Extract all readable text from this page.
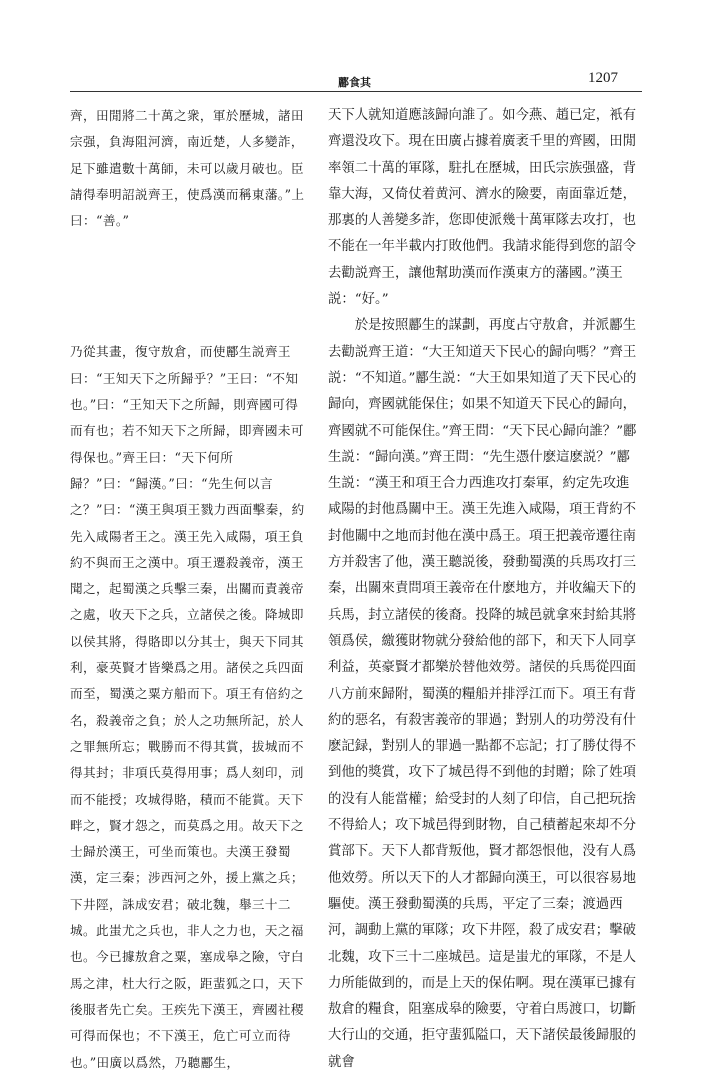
酈食其	1207

齊，田閒將二十萬之衆，軍於歷城，諸田宗强，負海阻河濟，南近楚，人多變詐，足下雖遣數十萬師，未可以歲月破也。臣請得奉明詔説齊王，使爲漢而稱東藩。”上曰：“善。”

乃從其畫，復守敖倉，而使酈生説齊王曰：“王知天下之所歸乎？”王曰：“不知也。”曰：“王知天下之所歸，則齊國可得而有也；若不知天下之所歸，即齊國未可得保也。”齊王曰：“天下何所歸？”曰：“歸漢。”曰：“先生何以言之？”曰：“漢王與項王戮力西面擊秦，約先入咸陽者王之。漢王先入咸陽，項王負約不與而王之漢中。項王遷殺義帝，漢王聞之，起蜀漢之兵擊三秦，出關而責義帝之處，收天下之兵，立諸侯之後。降城即以侯其將，得賂即以分其士，與天下同其利，豪英賢才皆樂爲之用。諸侯之兵四面而至，蜀漢之粟方船而下。項王有倍約之名，殺義帝之負；於人之功無所記，於人之罪無所忘；戰勝而不得其賞，拔城而不得其封；非項氏莫得用事；爲人刻印，刓而不能授；攻城得賂，積而不能賞。天下畔之，賢才怨之，而莫爲之用。故天下之士歸於漢王，可坐而策也。夫漢王發蜀漢，定三秦；涉西河之外，援上黨之兵；下井陘，誅成安君；破北魏，舉三十二城。此蚩尤之兵也，非人之力也，天之福也。今已據敖倉之粟，塞成皋之險，守白馬之津，杜大行之阪，距蜚狐之口，天下後服者先亡矣。王疾先下漢王，齊國社稷可得而保也；不下漢王，危亡可立而待也。”田廣以爲然，乃聽酈生，

天下人就知道應該歸向誰了。如今燕、趙已定，衹有齊還没攻下。現在田廣占據着廣袤千里的齊國，田閒率領二十萬的軍隊，駐扎在歷城，田氏宗族强盛，背靠大海，又倚仗着黄河、濟水的險要，南面靠近楚，那裏的人善變多詐，您即使派幾十萬軍隊去攻打，也不能在一年半載内打敗他們。我請求能得到您的詔令去勸説齊王，讓他幫助漢而作漢東方的藩國。”漢王説：“好。”

　　於是按照酈生的謀劃，再度占守敖倉，并派酈生去勸説齊王道：“大王知道天下民心的歸向嗎？”齊王説：“不知道。”酈生説：“大王如果知道了天下民心的歸向，齊國就能保住；如果不知道天下民心的歸向，齊國就不可能保住。”齊王問：“天下民心歸向誰？”酈生説：“歸向漢。”齊王問：“先生憑什麽這麽説？”酈生説：“漢王和項王合力西進攻打秦軍，約定先攻進咸陽的封他爲關中王。漢王先進入咸陽，項王背約不封他關中之地而封他在漢中爲王。項王把義帝遷往南方并殺害了他，漢王聽説後，發動蜀漢的兵馬攻打三秦，出關來責問項王義帝在什麽地方，并收編天下的兵馬，封立諸侯的後裔。投降的城邑就拿來封給其將領爲侯，繳獲財物就分發給他的部下，和天下人同享利益，英豪賢才都樂於替他效勞。諸侯的兵馬從四面八方前來歸附，蜀漢的糧船并排浮江而下。項王有背約的惡名，有殺害義帝的罪過；對别人的功勞没有什麽記録，對别人的罪過一點都不忘記；打了勝仗得不到他的獎賞，攻下了城邑得不到他的封贈；除了姓項的没有人能當權；給受封的人刻了印信，自己把玩捨不得給人；攻下城邑得到財物，自己積蓄起來却不分賞部下。天下人都背叛他，賢才都怨恨他，没有人爲他效勞。所以天下的人才都歸向漢王，可以很容易地驅使。漢王發動蜀漢的兵馬，平定了三秦；渡過西河，調動上黨的軍隊；攻下井陘，殺了成安君；擊破北魏，攻下三十二座城邑。這是蚩尤的軍隊，不是人力所能做到的，而是上天的保佑啊。現在漢軍已據有敖倉的糧食，阻塞成皋的險要，守着白馬渡口，切斷大行山的交通，拒守蜚狐隘口，天下諸侯最後歸服的就會
